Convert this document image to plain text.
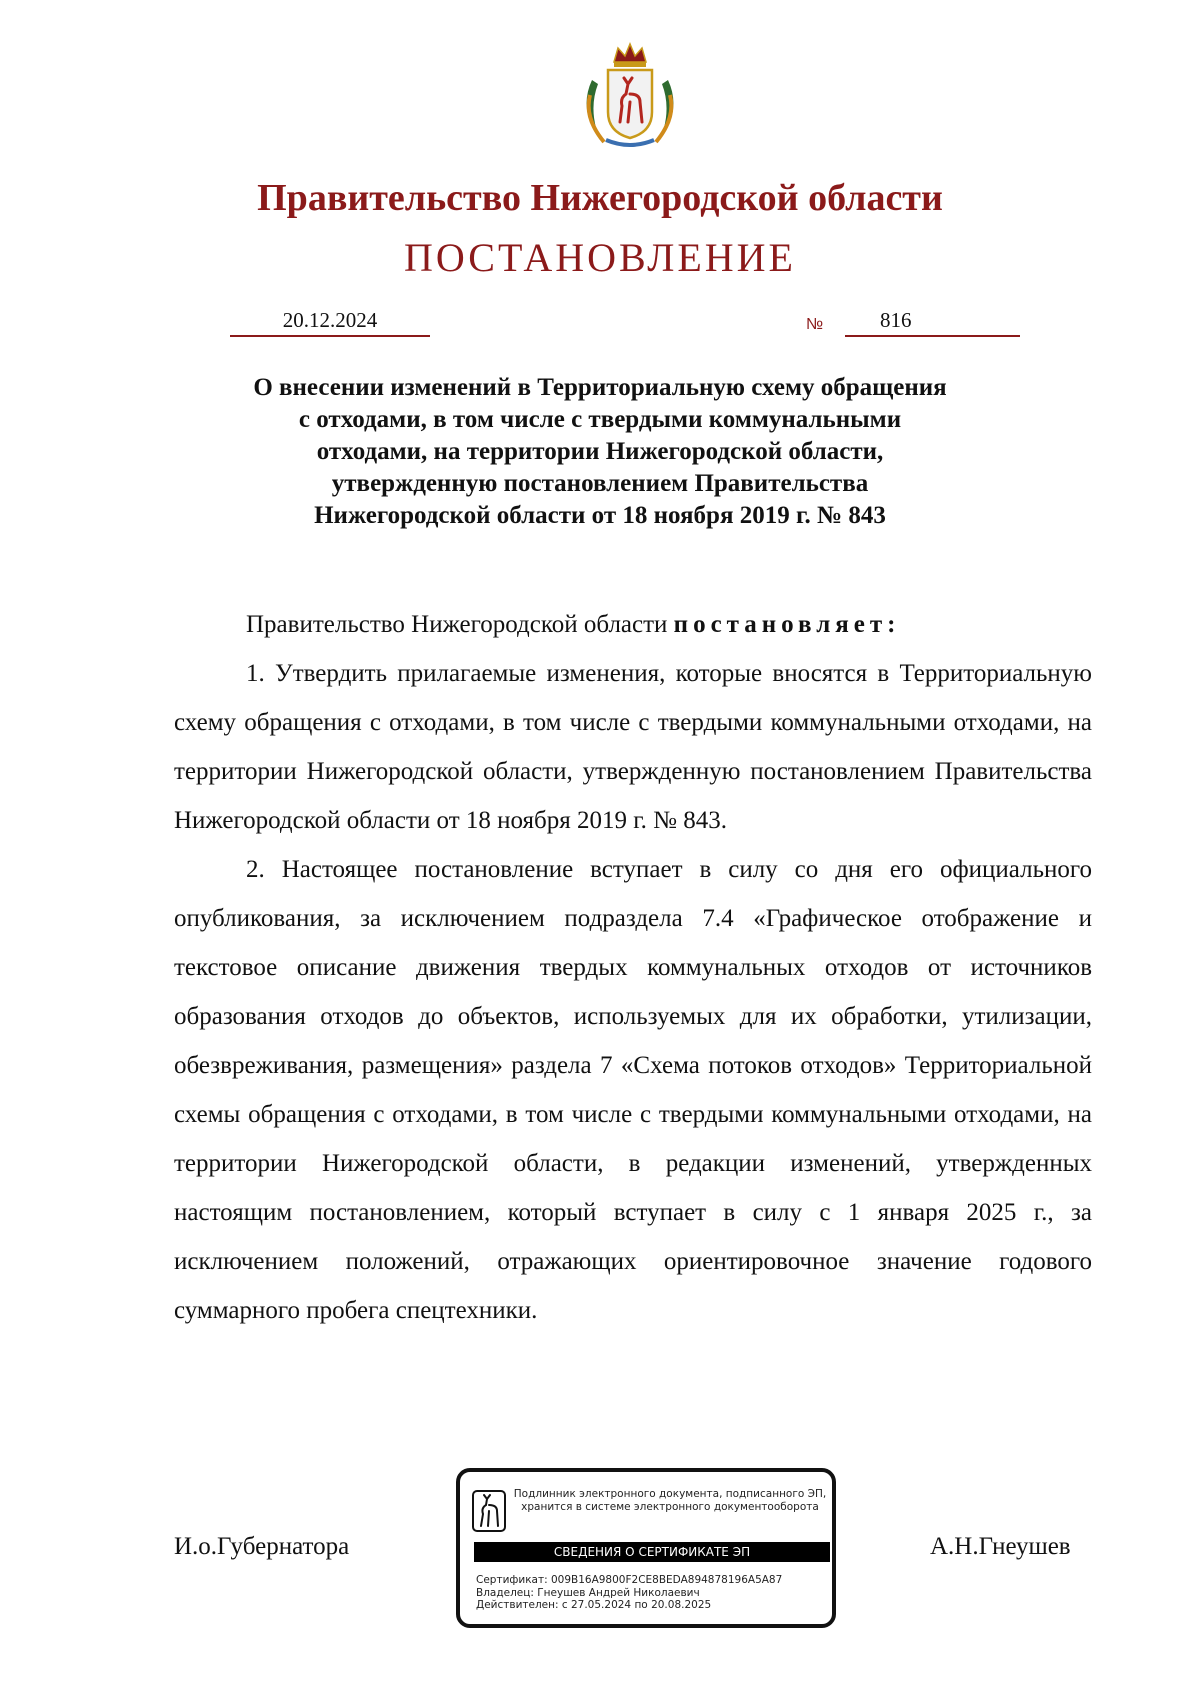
Правительство Нижегородской области
ПОСТАНОВЛЕНИЕ
20.12.2024	№	816
О внесении изменений в Территориальную схему обращения
с отходами, в том числе с твердыми коммунальными
отходами, на территории Нижегородской области,
утвержденную постановлением Правительства
Нижегородской области от 18 ноября 2019 г. № 843

Правительство Нижегородской области постановляет:

1. Утвердить прилагаемые изменения, которые вносятся в Территориальную схему обращения с отходами, в том числе с твердыми коммунальными отходами, на территории Нижегородской области, утвержденную постановлением Правительства Нижегородской области от 18 ноября 2019 г. № 843.

2. Настоящее постановление вступает в силу со дня его официального опубликования, за исключением подраздела 7.4 «Графическое отображение и текстовое описание движения твердых коммунальных отходов от источников образования отходов до объектов, используемых для их обработки, утилизации, обезвреживания, размещения» раздела 7 «Схема потоков отходов» Территориальной схемы обращения с отходами, в том числе с твердыми коммунальными отходами, на территории Нижегородской области, в редакции изменений, утвержденных настоящим постановлением, который вступает в силу с 1 января 2025 г., за исключением положений, отражающих ориентировочное значение годового суммарного пробега спецтехники.

И.о.Губернатора	А.Н.Гнеушев
Подлинник электронного документа, подписанного ЭП,
хранится в системе электронного документооборота
СВЕДЕНИЯ О СЕРТИФИКАТЕ ЭП
Сертификат: 009B16A9800F2CE8BEDA894878196A5A87
Владелец: Гнеушев Андрей Николаевич
Действителен: с 27.05.2024 по 20.08.2025
